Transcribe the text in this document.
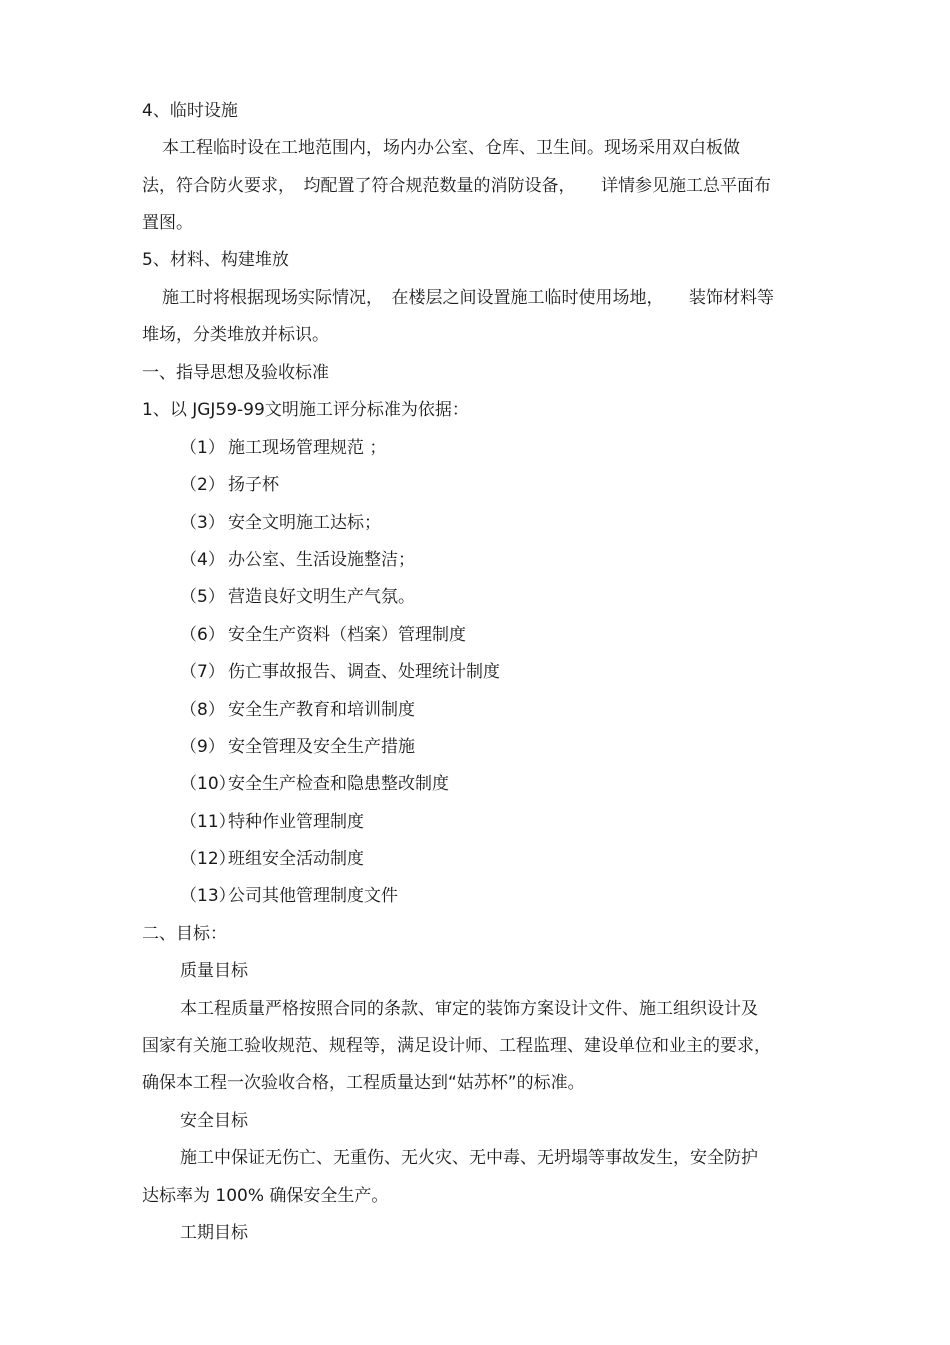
4、临时设施
本工程临时设在工地范围内，场内办公室、仓库、卫生间。现场采用双白板做
法，符合防火要求，　均配置了符合规范数量的消防设备，　　详情参见施工总平面布
置图。
5、材料、构建堆放
施工时将根据现场实际情况，　在楼层之间设置施工临时使用场地，　　装饰材料等
堆场，分类堆放并标识。
一、指导思想及验收标准
1、以 JGJ59-99文明施工评分标准为依据：
（1） 施工现场管理规范 ；
（2） 扬子杯
（3） 安全文明施工达标；
（4） 办公室、生活设施整洁；
（5） 营造良好文明生产气氛。
（6） 安全生产资料（档案）管理制度
（7） 伤亡事故报告、调查、处理统计制度
（8） 安全生产教育和培训制度
（9） 安全管理及安全生产措施
（10）安全生产检查和隐患整改制度
（11）特种作业管理制度
（12）班组安全活动制度
（13）公司其他管理制度文件
二、目标：
质量目标
本工程质量严格按照合同的条款、审定的装饰方案设计文件、施工组织设计及
国家有关施工验收规范、规程等，满足设计师、工程监理、建设单位和业主的要求，
确保本工程一次验收合格，工程质量达到“姑苏杯”的标准。
安全目标
施工中保证无伤亡、无重伤、无火灾、无中毒、无坍塌等事故发生，安全防护
达标率为 100% 确保安全生产。
工期目标
